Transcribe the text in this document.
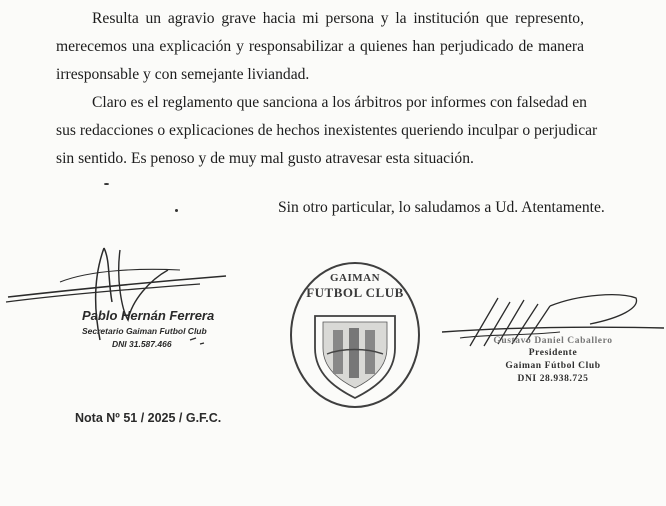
Resulta un agravio grave hacia mi persona y la institución que represento,
merecemos una explicación y responsabilizar a quienes han perjudicado de manera
irresponsable y con semejante liviandad.

Claro es el reglamento que sanciona a los árbitros por informes con falsedad en
sus redacciones o explicaciones de hechos inexistentes queriendo inculpar o perjudicar
sin sentido. Es penoso y de muy mal gusto atravesar esta situación.

Sin otro particular, lo saludamos a Ud. Atentamente.
Pablo Hernán Ferrera
Secretario Gaiman Futbol Club
DNI 31.587.466
GAIMAN
FUTBOL CLUB
Gustavo Daniel Caballero
Presidente
Gaiman Fútbol Club
DNI 28.938.725
Nota Nº 51 / 2025 / G.F.C.
